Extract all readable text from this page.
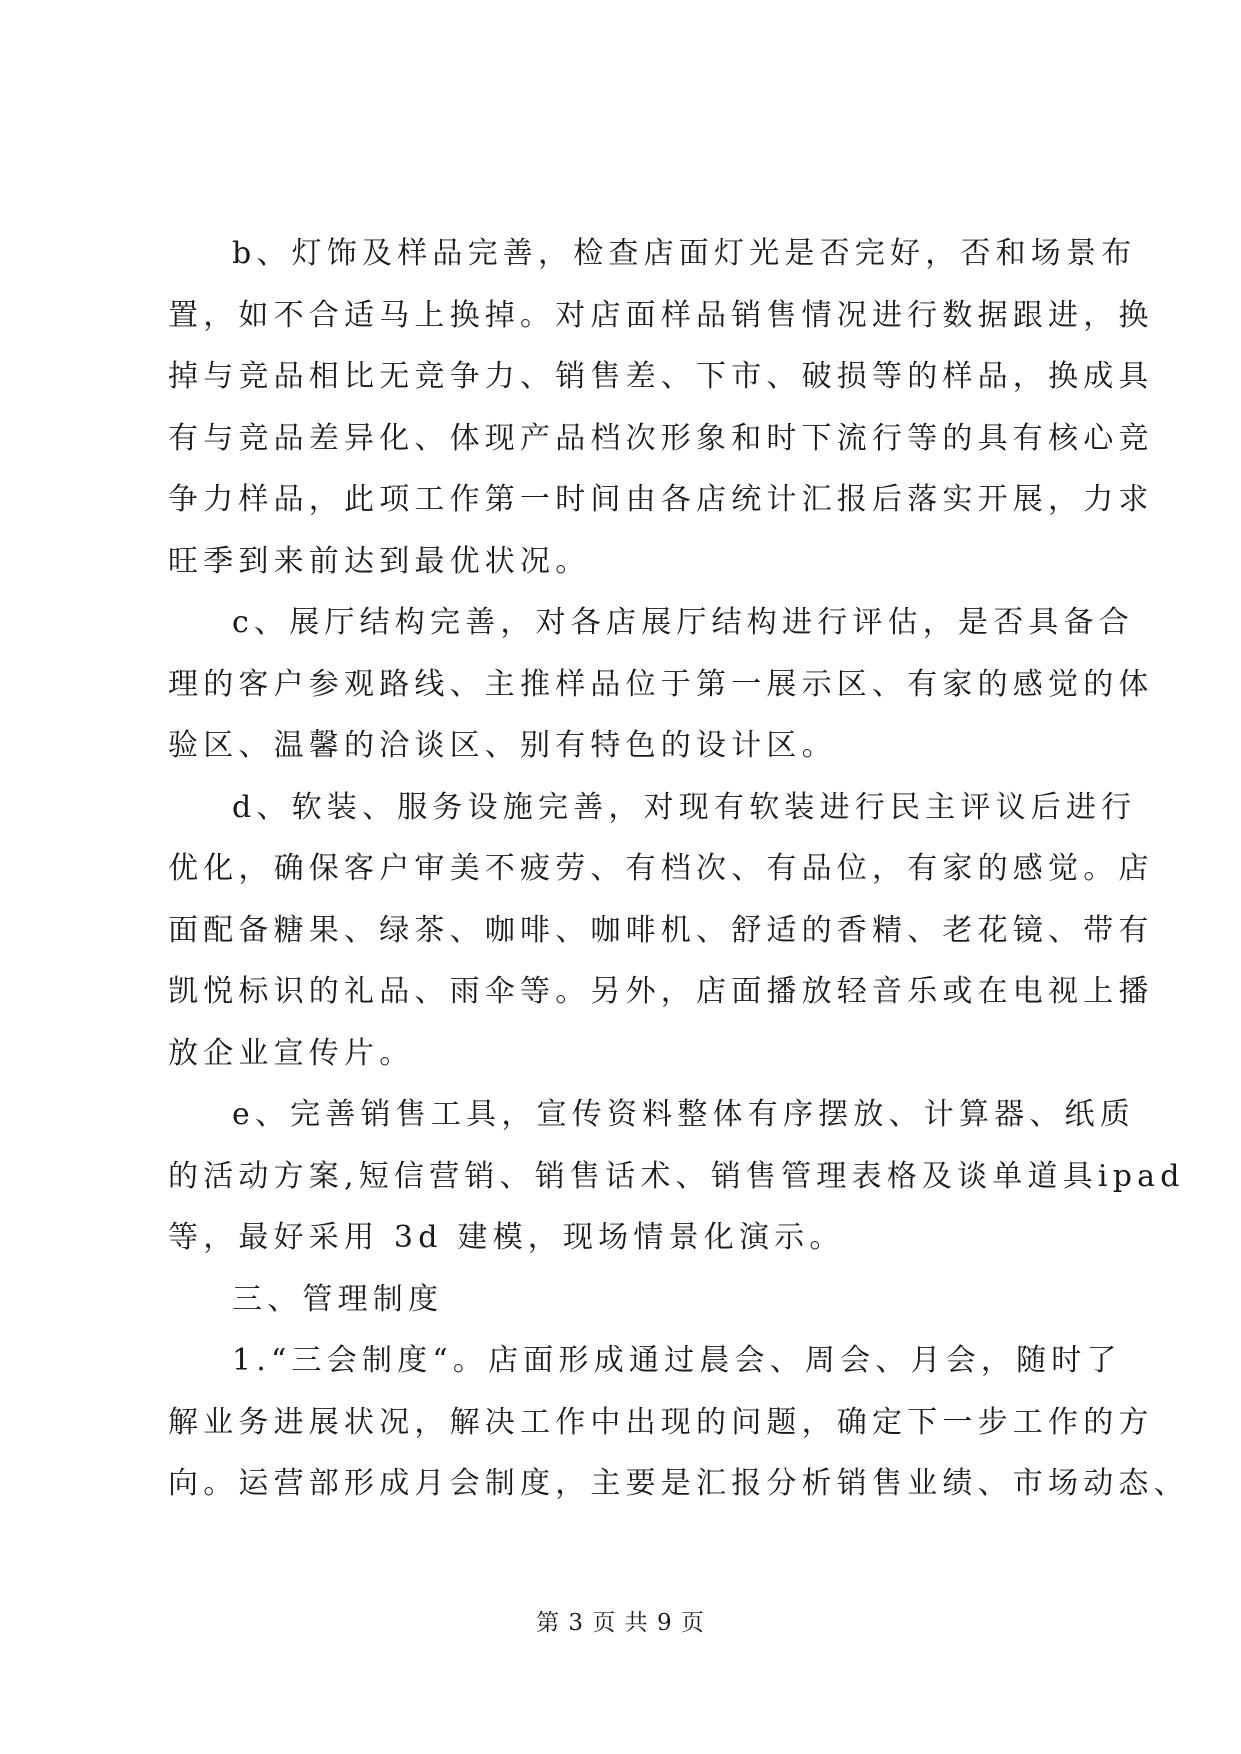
b、灯饰及样品完善，检查店面灯光是否完好，否和场景布
置，如不合适马上换掉。对店面样品销售情况进行数据跟进，换
掉与竞品相比无竞争力、销售差、下市、破损等的样品，换成具
有与竞品差异化、体现产品档次形象和时下流行等的具有核心竞
争力样品，此项工作第一时间由各店统计汇报后落实开展，力求
旺季到来前达到最优状况。
c、展厅结构完善，对各店展厅结构进行评估，是否具备合
理的客户参观路线、主推样品位于第一展示区、有家的感觉的体
验区、温馨的洽谈区、别有特色的设计区。
d、软装、服务设施完善，对现有软装进行民主评议后进行
优化，确保客户审美不疲劳、有档次、有品位，有家的感觉。店
面配备糖果、绿茶、咖啡、咖啡机、舒适的香精、老花镜、带有
凯悦标识的礼品、雨伞等。另外，店面播放轻音乐或在电视上播
放企业宣传片。
e、完善销售工具，宣传资料整体有序摆放、计算器、纸质
的活动方案,短信营销、销售话术、销售管理表格及谈单道具ipad
等，最好采用 3d 建模，现场情景化演示。
三、管理制度
1.“三会制度“。店面形成通过晨会、周会、月会，随时了
解业务进展状况，解决工作中出现的问题，确定下一步工作的方
向。运营部形成月会制度，主要是汇报分析销售业绩、市场动态、
第 3 页 共 9 页
